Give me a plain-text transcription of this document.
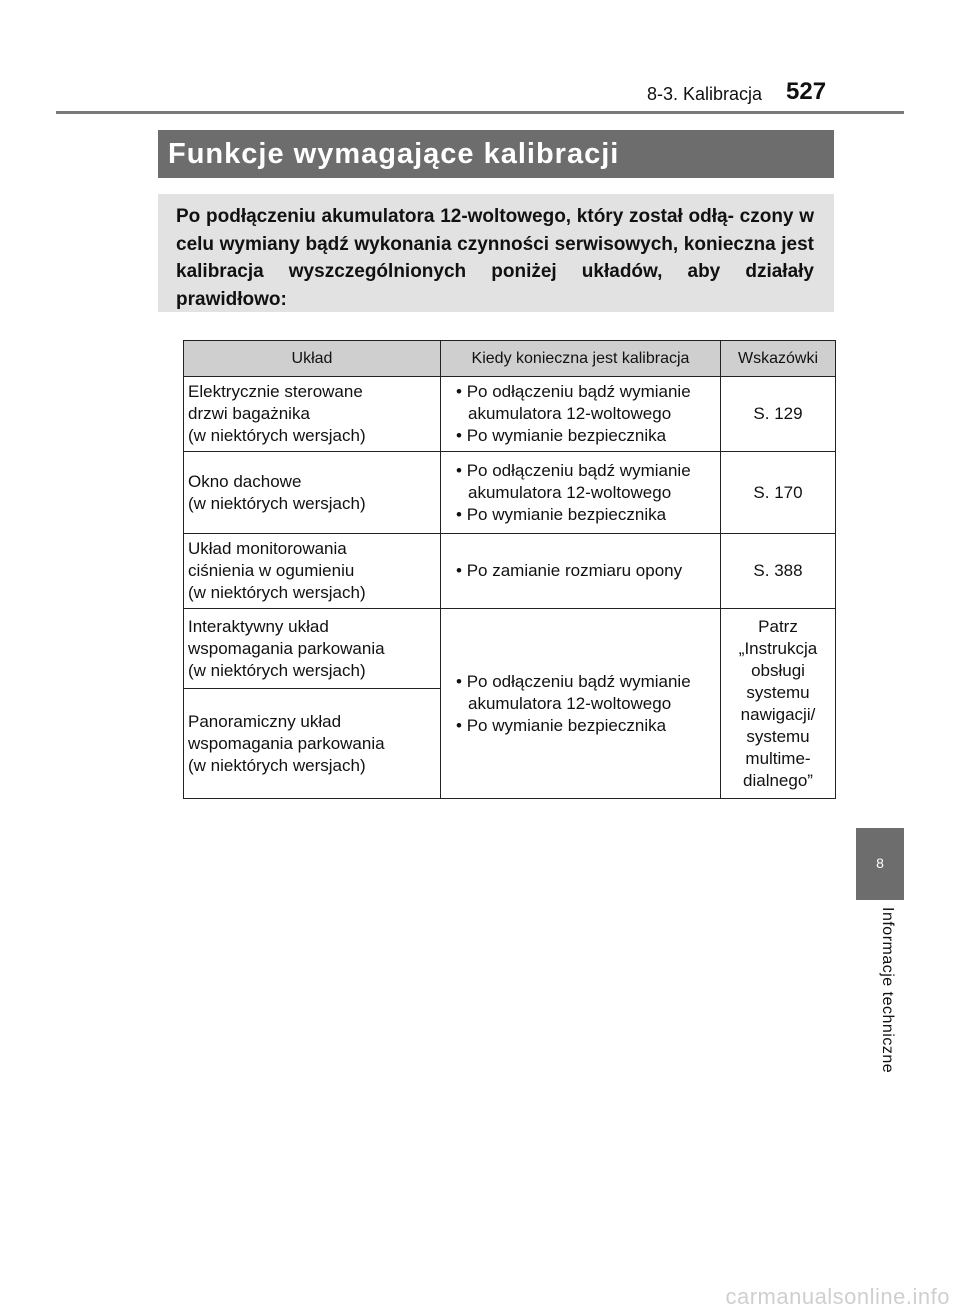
8-3. Kalibracja 527
Funkcje wymagające kalibracji
Po podłączeniu akumulatora 12-woltowego, który został odłą- czony w celu wymiany bądź wykonania czynności serwisowych, konieczna jest kalibracja wyszczególnionych poniżej układów, aby działały prawidłowo:
Układ	Kiedy konieczna jest kalibracja	Wskazówki

Elektrycznie sterowane
drzwi bagażnika
(w niektórych wersjach)	• Po odłączeniu bądź wymianie akumulatora 12-woltowego
• Po wymianie bezpiecznika	S. 129

Okno dachowe
(w niektórych wersjach)	• Po odłączeniu bądź wymianie akumulatora 12-woltowego
• Po wymianie bezpiecznika	S. 170

Układ monitorowania
ciśnienia w ogumieniu
(w niektórych wersjach)	• Po zamianie rozmiaru opony	S. 388

Interaktywny układ
wspomagania parkowania
(w niektórych wersjach)	• Po odłączeniu bądź wymianie akumulatora 12-woltowego
• Po wymianie bezpiecznika	Patrz „Instrukcja obsługi systemu nawigacji/ systemu multime- dialnego”

Panoramiczny układ
wspomagania parkowania
(w niektórych wersjach)		
8
Informacje techniczne
carmanualsonline.info
